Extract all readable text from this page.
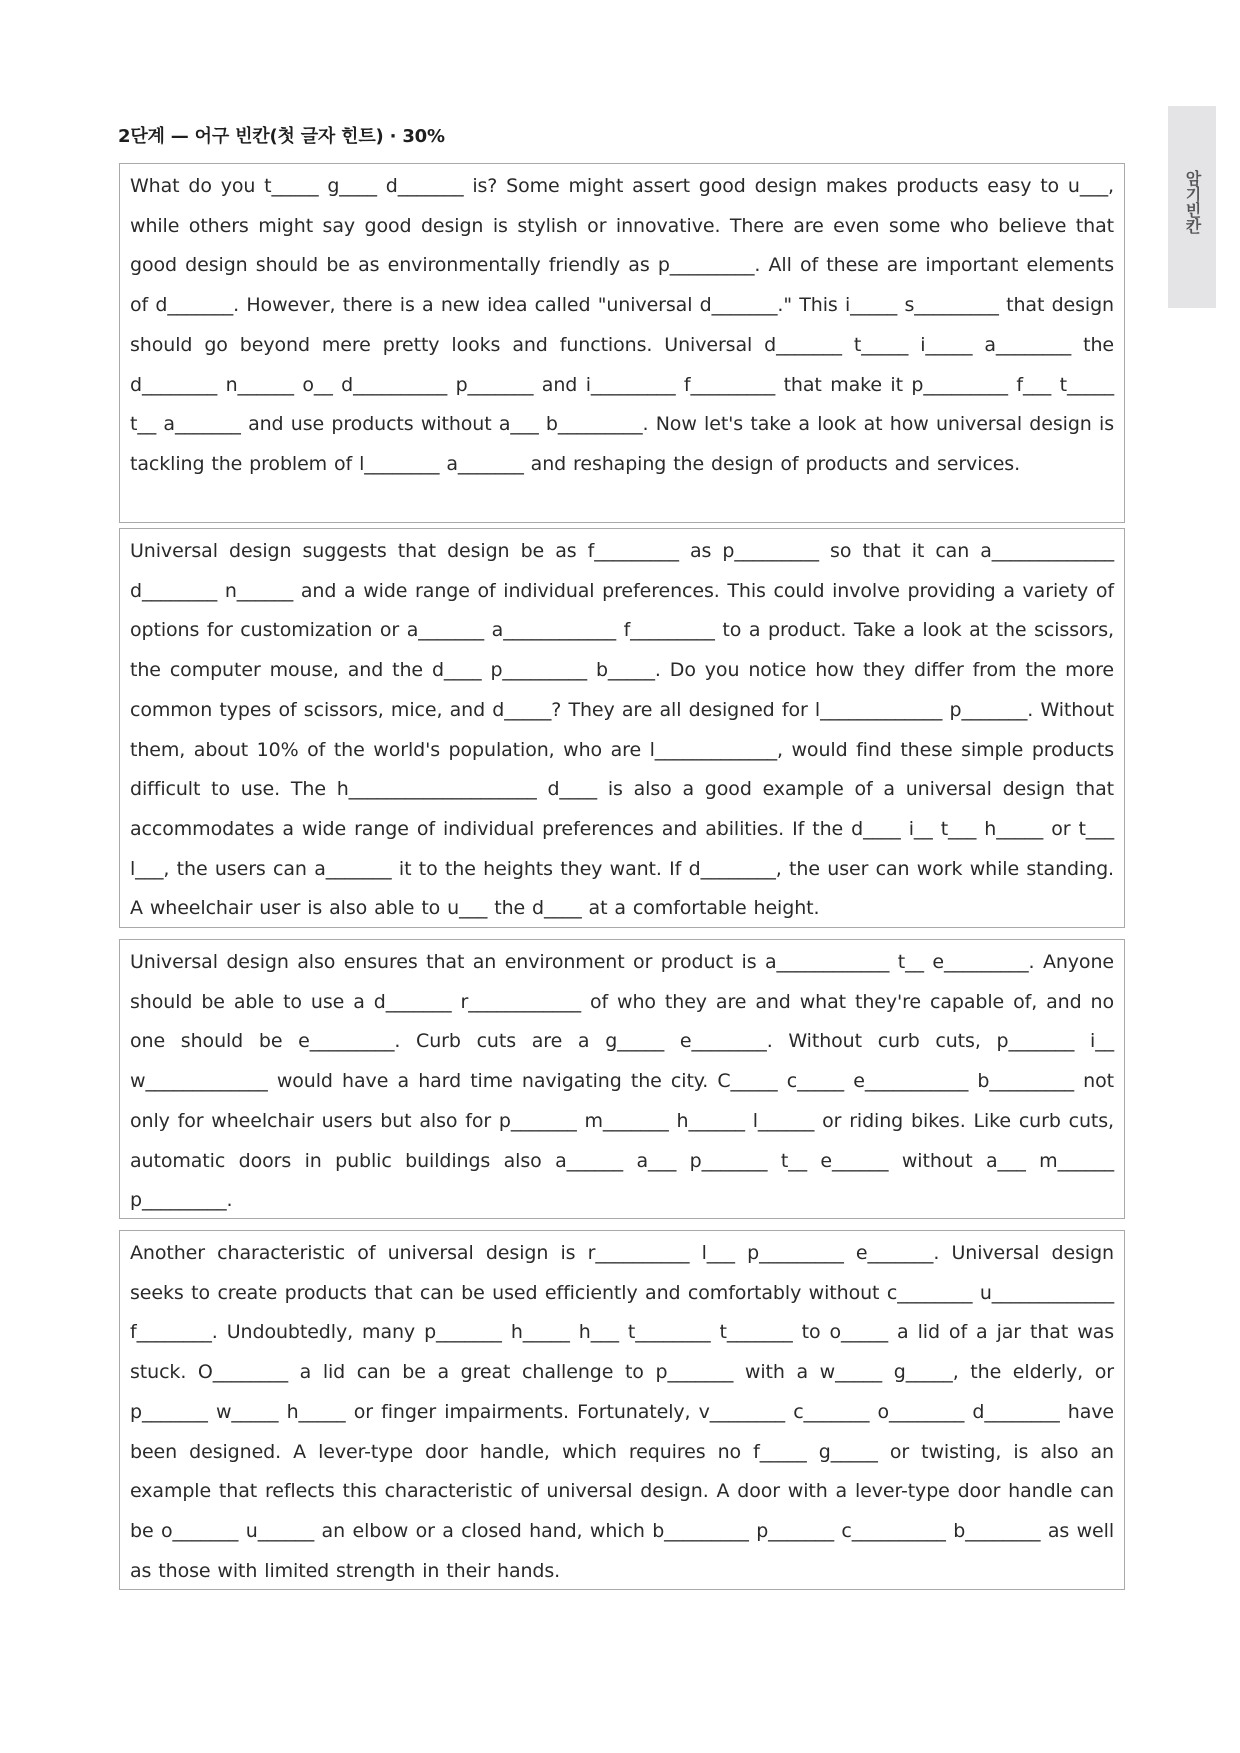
암기빈칸
2단계 — 어구 빈칸(첫 글자 힌트) · 30%

What do you t_____ g____ d_______ is? Some might assert good design makes products easy to u___, while others might say good design is stylish or innovative. There are even some who believe that good design should be as environmentally friendly as p_________. All of these are important elements of d_______. However, there is a new idea called "universal d_______." This i_____ s_________ that design should go beyond mere pretty looks and functions. Universal d_______ t_____ i_____ a________ the d________ n______ o__ d__________ p_______ and i_________ f_________ that make it p_________ f___ t_____ t__ a_______ and use products without a___ b_________. Now let's take a look at how universal design is tackling the problem of l________ a_______ and reshaping the design of products and services.

Universal design suggests that design be as f_________ as p_________ so that it can a_____________ d________ n______ and a wide range of individual preferences. This could involve providing a variety of options for customization or a_______ a____________ f_________ to a product. Take a look at the scissors, the computer mouse, and the d____ p_________ b_____. Do you notice how they differ from the more common types of scissors, mice, and d_____? They are all designed for l_____________ p_______. Without them, about 10% of the world's population, who are l_____________, would find these simple products difficult to use. The h____________________ d____ is also a good example of a universal design that accommodates a wide range of individual preferences and abilities. If the d____ i__ t___ h_____ or t___ l___, the users can a_______ it to the heights they want. If d________, the user can work while standing. A wheelchair user is also able to u___ the d____ at a comfortable height.

Universal design also ensures that an environment or product is a____________ t__ e_________. Anyone should be able to use a d_______ r____________ of who they are and what they're capable of, and no one should be e_________. Curb cuts are a g_____ e________. Without curb cuts, p_______ i__ w_____________ would have a hard time navigating the city. C_____ c_____ e___________ b_________ not only for wheelchair users but also for p_______ m_______ h______ l______ or riding bikes. Like curb cuts, automatic doors in public buildings also a______ a___ p_______ t__ e______ without a___ m______ p_________.

Another characteristic of universal design is r__________ l___ p_________ e_______. Universal design seeks to create products that can be used efficiently and comfortably without c________ u_____________ f________. Undoubtedly, many p_______ h_____ h___ t________ t_______ to o_____ a lid of a jar that was stuck. O________ a lid can be a great challenge to p_______ with a w_____ g_____, the elderly, or p_______ w_____ h_____ or finger impairments. Fortunately, v________ c_______ o________ d________ have been designed. A lever-type door handle, which requires no f_____ g_____ or twisting, is also an example that reflects this characteristic of universal design. A door with a lever-type door handle can be o_______ u______ an elbow or a closed hand, which b_________ p_______ c__________ b________ as well as those with limited strength in their hands.
